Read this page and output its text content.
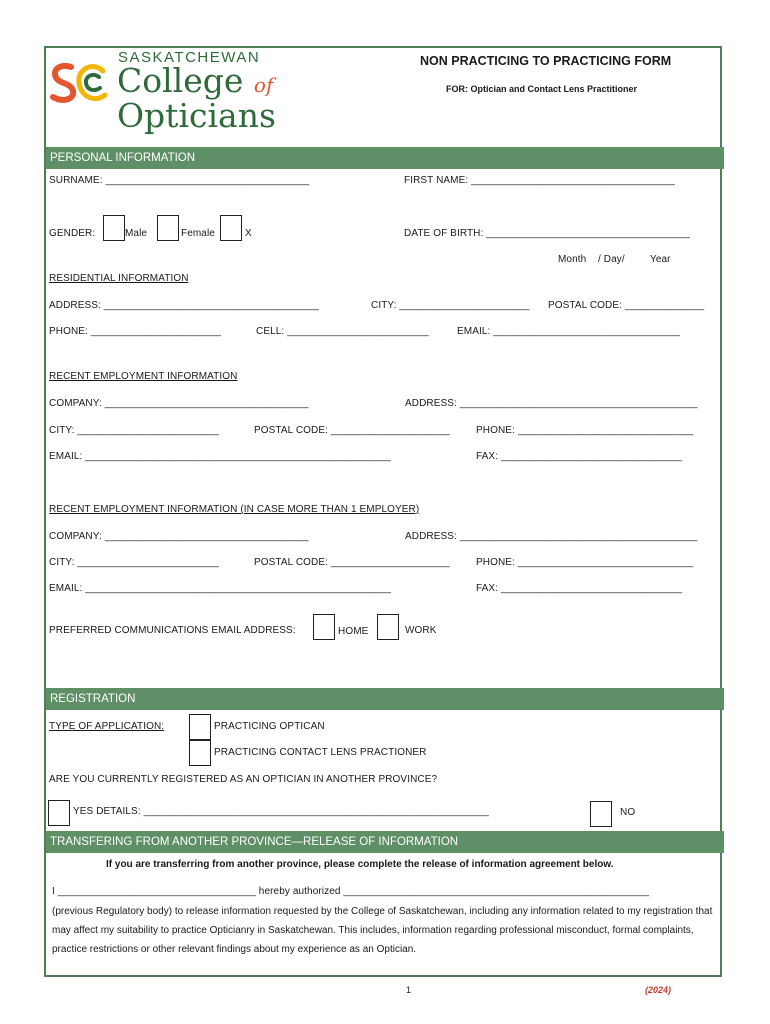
SASKATCHEWAN
College of
Opticians
NON PRACTICING TO PRACTICING FORM
FOR: Optician and Contact Lens Practitioner
PERSONAL INFORMATION
SURNAME: ____________________________________	FIRST NAME: ____________________________________
GENDER:	Male	Female	X	DATE OF BIRTH: ____________________________________
Month / Day/	Year
RESIDENTIAL INFORMATION
ADDRESS: ______________________________________	CITY: _______________________ POSTAL CODE: ______________
PHONE: _______________________	CELL: _________________________	EMAIL: _________________________________
RECENT EMPLOYMENT INFORMATION
COMPANY: ____________________________________	ADDRESS: __________________________________________
CITY: _________________________	POSTAL CODE: _____________________	PHONE: _______________________________
EMAIL: ______________________________________________________	FAX: ________________________________
RECENT EMPLOYMENT INFORMATION (IN CASE MORE THAN 1 EMPLOYER)
COMPANY: ____________________________________	ADDRESS: __________________________________________
CITY: _________________________	POSTAL CODE: _____________________	PHONE: _______________________________
EMAIL: ______________________________________________________	FAX: ________________________________
PREFERRED COMMUNICATIONS EMAIL ADDRESS:	HOME	WORK
REGISTRATION
TYPE OF APPLICATION:	PRACTICING OPTICAN
PRACTICING CONTACT LENS PRACTIONER
ARE YOU CURRENTLY REGISTERED AS AN OPTICIAN IN ANOTHER PROVINCE?
YES DETAILS: _____________________________________________________________	NO
TRANSFERING FROM ANOTHER PROVINCE—RELEASE OF INFORMATION
If you are transferring from another province, please complete the release of information agreement below.
I ___________________________________ hereby authorized ______________________________________________________
(previous Regulatory body) to release information requested by the College of Saskatchewan, including any information related to my registration that may affect my suitability to practice Opticianry in Saskatchewan. This includes, information regarding professional misconduct, formal complaints, practice restrictions or other relevant findings about my experience as an Optician.
1	(2024)
